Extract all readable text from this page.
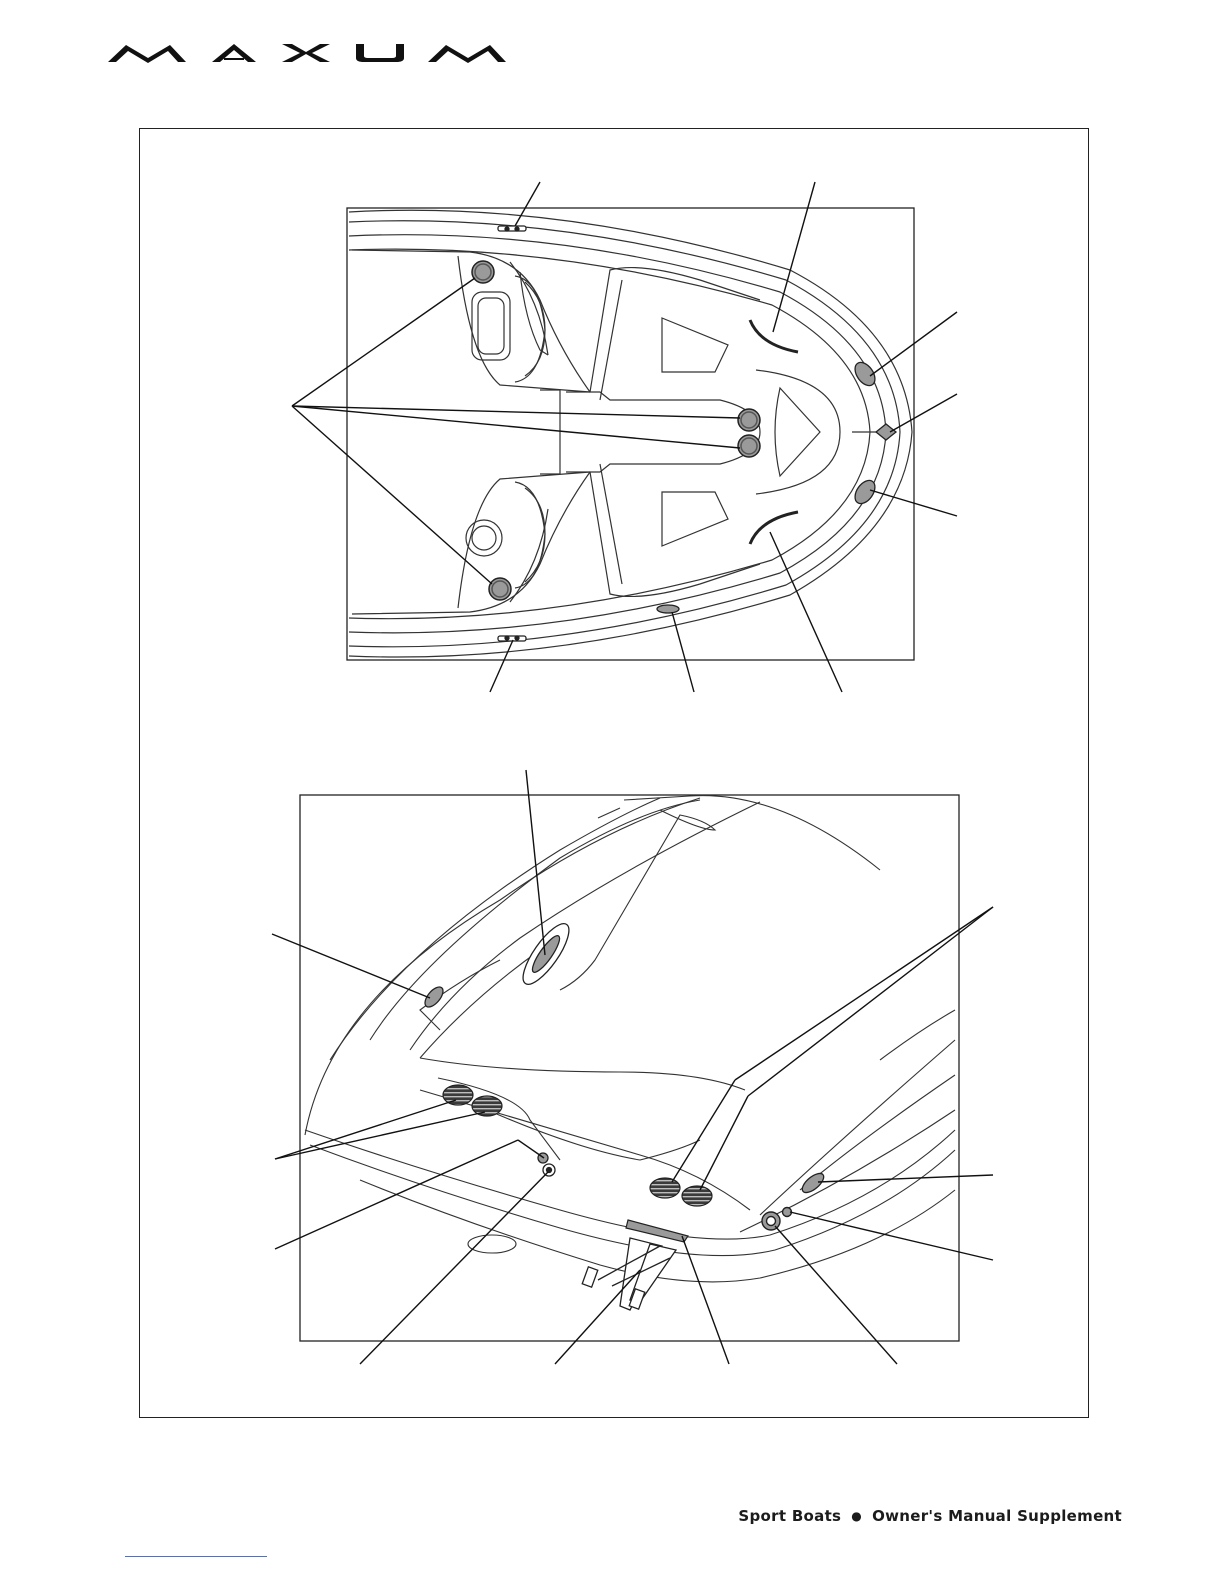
Sport Boats ● Owner's Manual Supplement
